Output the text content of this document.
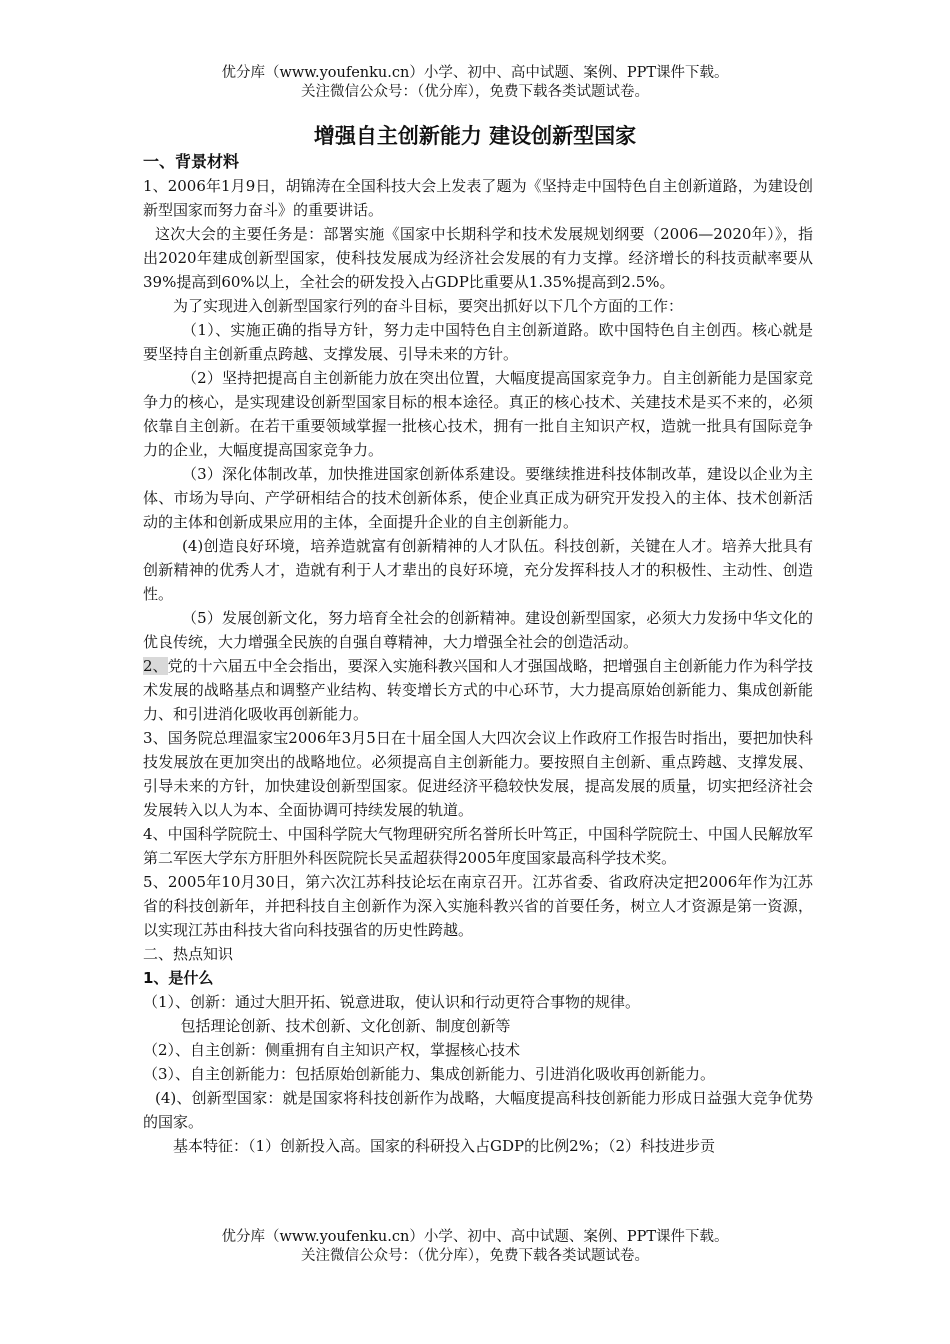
优分库（www.youfenku.cn）小学、初中、高中试题、案例、PPT课件下载。
关注微信公众号：（优分库），免费下载各类试题试卷。
增强自主创新能力 建设创新型国家

一、背景材料

1、2006年1月9日，胡锦涛在全国科技大会上发表了题为《坚持走中国特色自主创新道路，为建设创新型国家而努力奋斗》的重要讲话。

这次大会的主要任务是：部署实施《国家中长期科学和技术发展规划纲要（2006—2020年）》，指出2020年建成创新型国家，使科技发展成为经济社会发展的有力支撑。经济增长的科技贡献率要从39%提高到60%以上，全社会的研发投入占GDP比重要从1.35%提高到2.5%。

为了实现进入创新型国家行列的奋斗目标，要突出抓好以下几个方面的工作：

（1）、实施正确的指导方针，努力走中国特色自主创新道路。欧中国特色自主创西。核心就是要坚持自主创新重点跨越、支撑发展、引导未来的方针。

（2）坚持把提高自主创新能力放在突出位置，大幅度提高国家竞争力。自主创新能力是国家竞争力的核心，是实现建设创新型国家目标的根本途径。真正的核心技术、关建技术是买不来的，必须依靠自主创新。在若干重要领域掌握一批核心技术，拥有一批自主知识产权，造就一批具有国际竞争力的企业，大幅度提高国家竞争力。

（3）深化体制改革，加快推进国家创新体系建设。要继续推进科技体制改革，建设以企业为主体、市场为导向、产学研相结合的技术创新体系，使企业真正成为研究开发投入的主体、技术创新活动的主体和创新成果应用的主体，全面提升企业的自主创新能力。

(4)创造良好环境，培养造就富有创新精神的人才队伍。科技创新，关键在人才。培养大批具有创新精神的优秀人才，造就有利于人才辈出的良好环境，充分发挥科技人才的积极性、主动性、创造性。

（5）发展创新文化，努力培育全社会的创新精神。建设创新型国家，必须大力发扬中华文化的优良传统，大力增强全民族的自强自尊精神，大力增强全社会的创造活动。

2、党的十六届五中全会指出，要深入实施科教兴国和人才强国战略，把增强自主创新能力作为科学技术发展的战略基点和调整产业结构、转变增长方式的中心环节，大力提高原始创新能力、集成创新能力、和引进消化吸收再创新能力。

3、国务院总理温家宝2006年3月5日在十届全国人大四次会议上作政府工作报告时指出，要把加快科技发展放在更加突出的战略地位。必须提高自主创新能力。要按照自主创新、重点跨越、支撑发展、引导未来的方针，加快建设创新型国家。促进经济平稳较快发展，提高发展的质量，切实把经济社会发展转入以人为本、全面协调可持续发展的轨道。

4、中国科学院院士、中国科学院大气物理研究所名誉所长叶笃正，中国科学院院士、中国人民解放军第二军医大学东方肝胆外科医院院长吴孟超获得2005年度国家最高科学技术奖。

5、2005年10月30日，第六次江苏科技论坛在南京召开。江苏省委、省政府决定把2006年作为江苏省的科技创新年，并把科技自主创新作为深入实施科教兴省的首要任务，树立人才资源是第一资源，以实现江苏由科技大省向科技强省的历史性跨越。

二、热点知识

1、是什么

（1）、创新：通过大胆开拓、锐意进取，使认识和行动更符合事物的规律。

包括理论创新、技术创新、文化创新、制度创新等

（2）、自主创新：侧重拥有自主知识产权，掌握核心技术

（3）、自主创新能力：包括原始创新能力、集成创新能力、引进消化吸收再创新能力。

(4)、创新型国家：就是国家将科技创新作为战略，大幅度提高科技创新能力形成日益强大竞争优势的国家。

基本特征：（1）创新投入高。国家的科研投入占GDP的比例2%；（2）科技进步贡

优分库（www.youfenku.cn）小学、初中、高中试题、案例、PPT课件下载。
关注微信公众号：（优分库），免费下载各类试题试卷。
